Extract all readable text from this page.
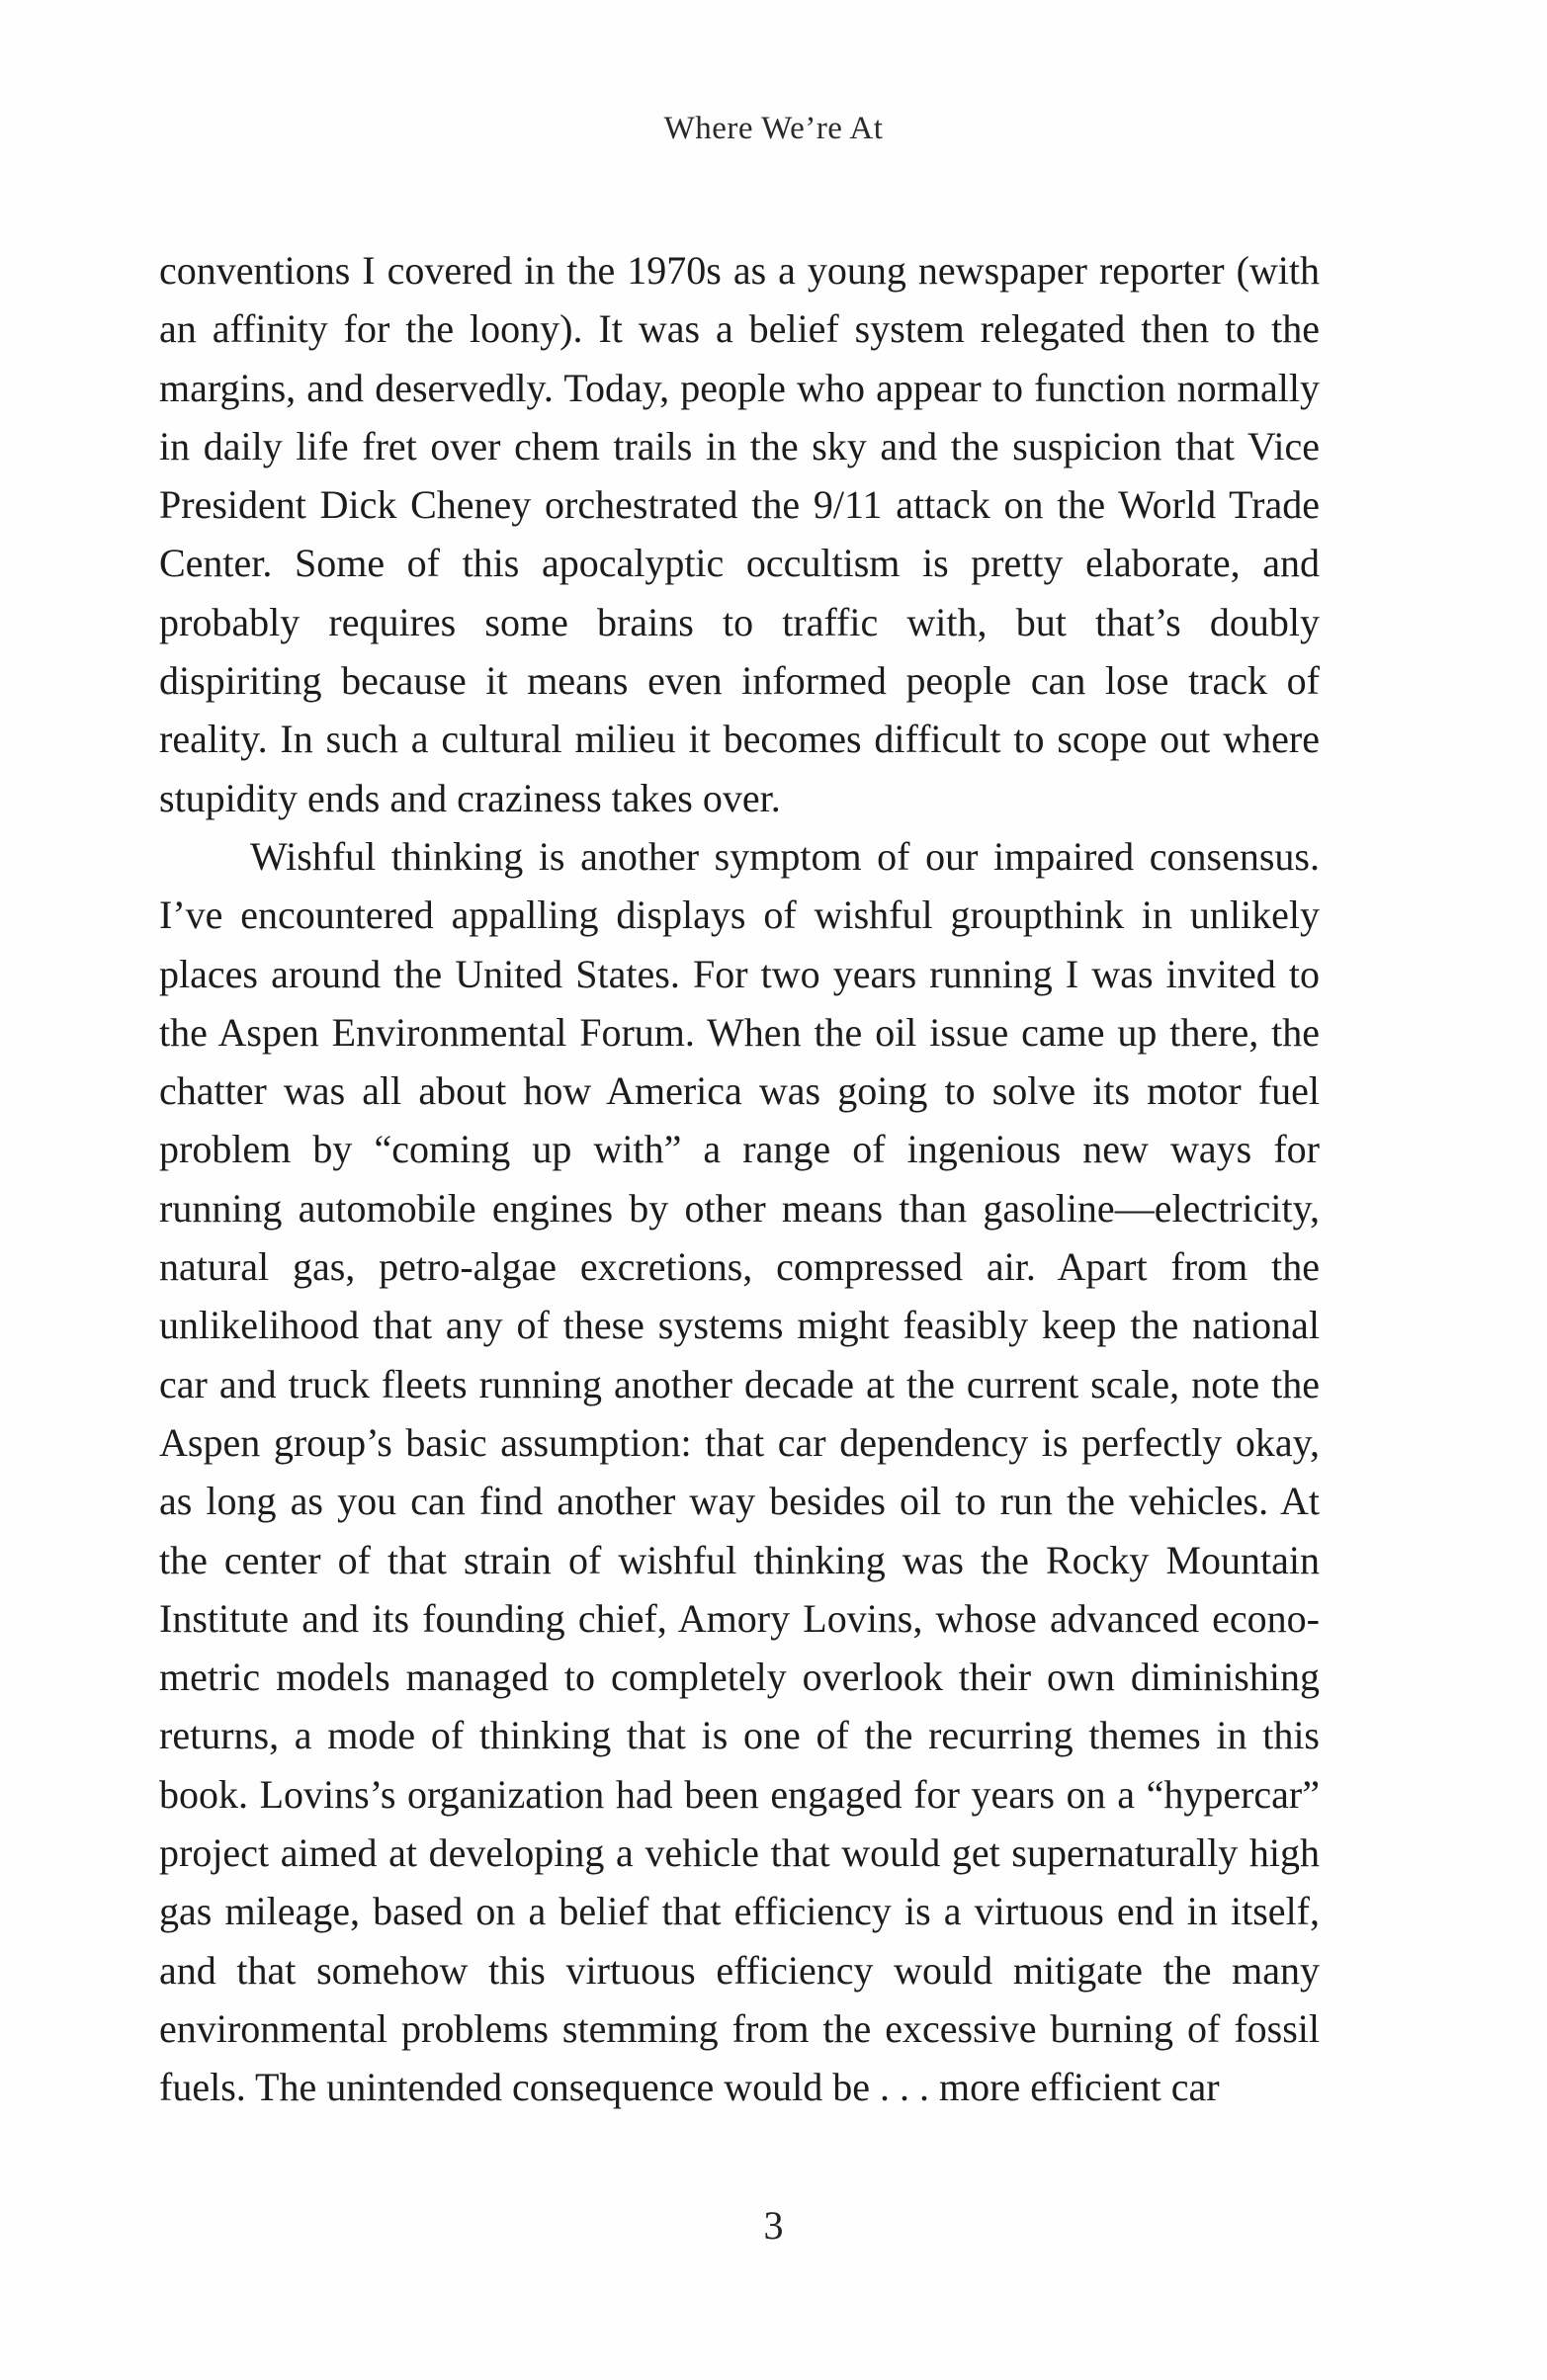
Where We’re At

conventions I covered in the 1970s as a young newspaper reporter (with an affinity for the loony). It was a belief system relegated then to the margins, and deservedly. Today, people who appear to function normally in daily life fret over chem trails in the sky and the suspicion that Vice President Dick Cheney orchestrated the 9/11 attack on the World Trade Center. Some of this apocalyptic occultism is pretty elaborate, and probably requires some brains to traffic with, but that’s doubly dispiriting because it means even informed people can lose track of reality. In such a cultural milieu it becomes difficult to scope out where stupidity ends and craziness takes over.

Wishful thinking is another symptom of our impaired consensus. I’ve encountered appalling displays of wishful groupthink in unlikely places around the United States. For two years running I was invited to the Aspen Environmental Forum. When the oil issue came up there, the chatter was all about how America was going to solve its motor fuel problem by “coming up with” a range of ingenious new ways for running automobile engines by other means than gasoline—electricity, natural gas, petro-algae excretions, compressed air. Apart from the unlikelihood that any of these systems might feasibly keep the national car and truck fleets running another decade at the current scale, note the Aspen group’s basic assumption: that car dependency is perfectly okay, as long as you can find another way besides oil to run the vehicles. At the center of that strain of wishful thinking was the Rocky Mountain Institute and its founding chief, Amory Lovins, whose advanced econometric models managed to completely overlook their own diminishing returns, a mode of thinking that is one of the recurring themes in this book. Lovins’s organization had been engaged for years on a “hypercar” project aimed at developing a vehicle that would get supernaturally high gas mileage, based on a belief that efficiency is a virtuous end in itself, and that somehow this virtuous efficiency would mitigate the many environmental problems stemming from the excessive burning of fossil fuels. The unintended consequence would be . . . more efficient car

3
